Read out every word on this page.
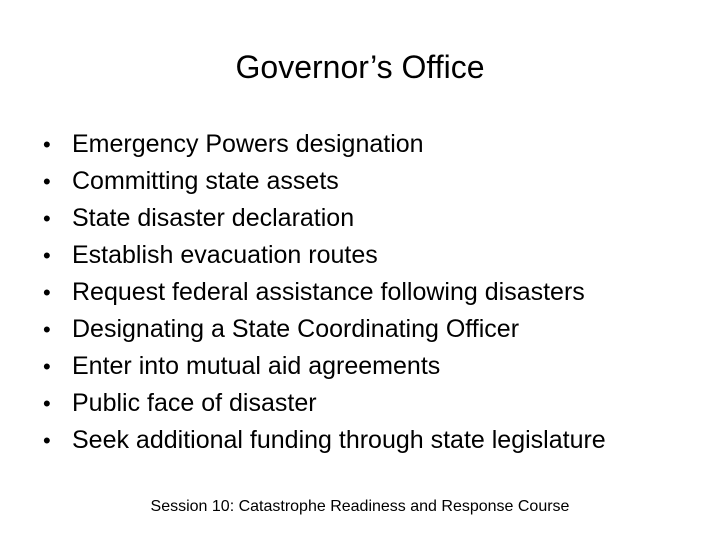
Governor’s Office
• Emergency Powers designation
• Committing state assets
• State disaster declaration
• Establish evacuation routes
• Request federal assistance following disasters
• Designating a State Coordinating Officer
• Enter into mutual aid agreements
• Public face of disaster
• Seek additional funding through state legislature
Session 10: Catastrophe Readiness and Response Course
